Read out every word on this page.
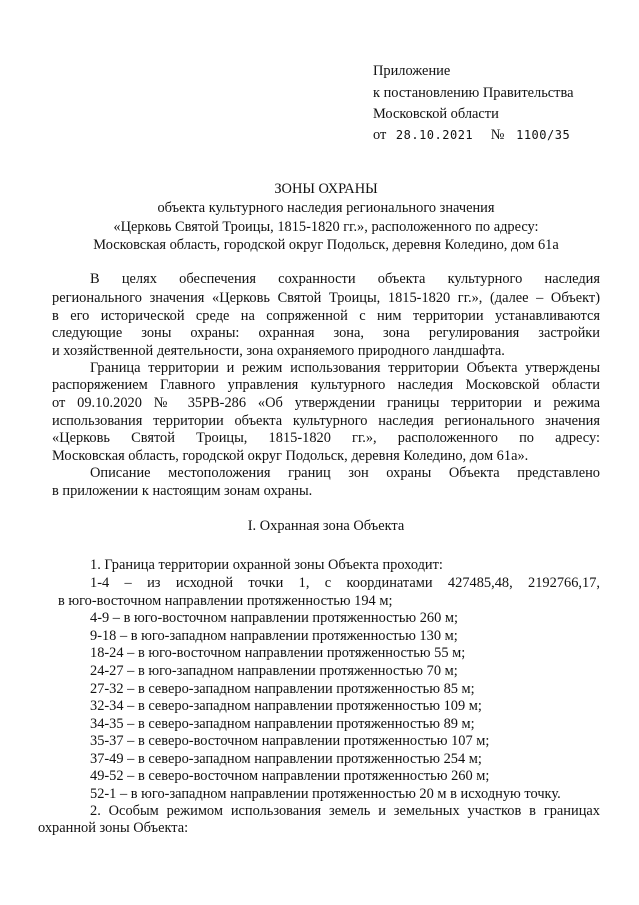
Приложение
к постановлению Правительства
Московской области
от 28.10.2021 № 1100/35
ЗОНЫ ОХРАНЫ
объекта культурного наследия регионального значения
«Церковь Святой Троицы, 1815-1820 гг.», расположенного по адресу:
Московская область, городской округ Подольск, деревня Коледино, дом 61а
В целях обеспечения сохранности объекта культурного наследия
регионального значения «Церковь Святой Троицы, 1815-1820 гг.», (далее – Объект)
в его исторической среде на сопряженной с ним территории устанавливаются
следующие зоны охраны: охранная зона, зона регулирования застройки
и хозяйственной деятельности, зона охраняемого природного ландшафта.
Граница территории и режим использования территории Объекта утверждены
распоряжением Главного управления культурного наследия Московской области
от 09.10.2020 № 35РВ-286 «Об утверждении границы территории и режима
использования территории объекта культурного наследия регионального значения
«Церковь Святой Троицы, 1815-1820 гг.», расположенного по адресу:
Московская область, городской округ Подольск, деревня Коледино, дом 61а».
Описание местоположения границ зон охраны Объекта представлено
в приложении к настоящим зонам охраны.
I. Охранная зона Объекта
1. Граница территории охранной зоны Объекта проходит:
1-4 – из исходной точки 1, с координатами 427485,48, 2192766,17,
в юго-восточном направлении протяженностью 194 м;
4-9 – в юго-восточном направлении протяженностью 260 м;
9-18 – в юго-западном направлении протяженностью 130 м;
18-24 – в юго-восточном направлении протяженностью 55 м;
24-27 – в юго-западном направлении протяженностью 70 м;
27-32 – в северо-западном направлении протяженностью 85 м;
32-34 – в северо-западном направлении протяженностью 109 м;
34-35 – в северо-западном направлении протяженностью 89 м;
35-37 – в северо-восточном направлении протяженностью 107 м;
37-49 – в северо-западном направлении протяженностью 254 м;
49-52 – в северо-восточном направлении протяженностью 260 м;
52-1 – в юго-западном направлении протяженностью 20 м в исходную точку.
2. Особым режимом использования земель и земельных участков в границах
охранной зоны Объекта:
